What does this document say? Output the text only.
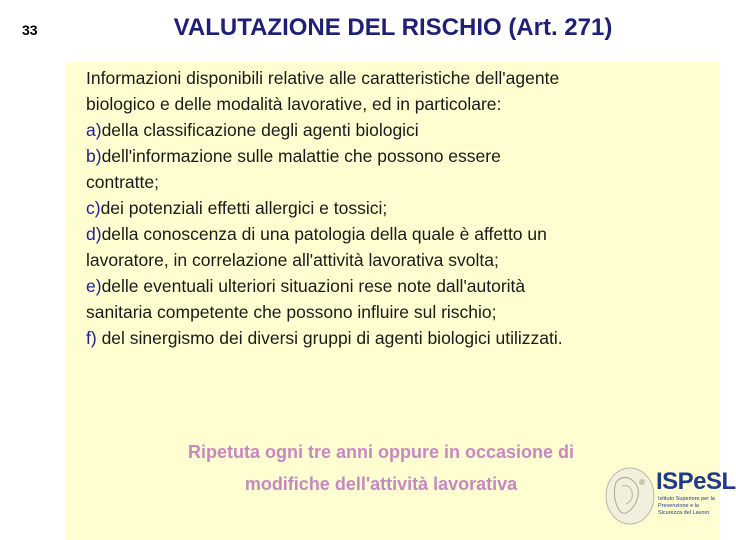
33	VALUTAZIONE DEL RISCHIO (Art. 271)
Informazioni disponibili relative alle caratteristiche dell'agente
biologico e delle modalità lavorative, ed in particolare:
a)della classificazione degli agenti biologici
b)dell'informazione sulle malattie che possono essere
contratte;
c)dei potenziali effetti allergici e tossici;
d)della conoscenza di una patologia della quale è affetto un
lavoratore, in correlazione all'attività lavorativa svolta;
e)delle eventuali ulteriori situazioni rese note dall'autorità
sanitaria competente che possono influire sul rischio;
f) del sinergismo dei diversi gruppi di agenti biologici utilizzati.
Ripetuta ogni tre anni oppure in occasione di
modifiche dell'attività lavorativa	ISPeSL
Istituto Superiore per la Prevenzione e la Sicurezza del Lavoro
